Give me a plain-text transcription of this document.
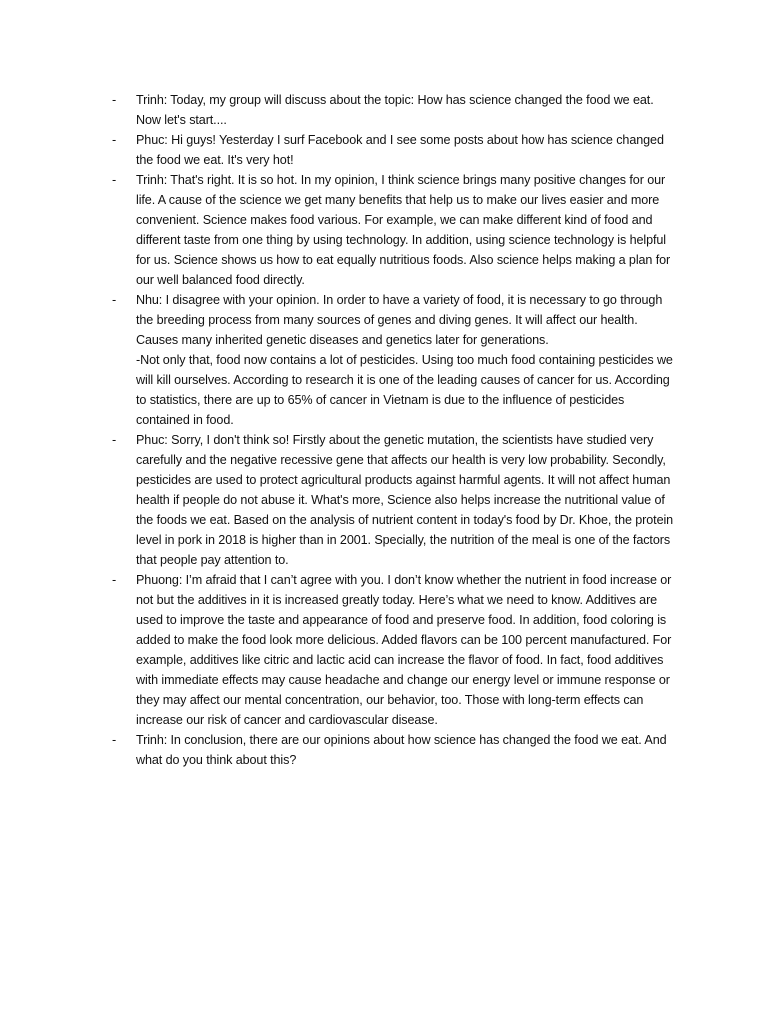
- Trinh: Today, my group will discuss about the topic: How has science changed the food we eat. Now let's start....
- Phuc: Hi guys! Yesterday I surf Facebook and I see some posts about how has science changed the food we eat. It's very hot!
- Trinh: That's right. It is so hot. In my opinion, I think science brings many positive changes for our life. A cause of the science we get many benefits that help us to make our lives easier and more convenient. Science makes food various. For example, we can make different kind of food and different taste from one thing by using technology. In addition, using science technology is helpful for us. Science shows us how to eat equally nutritious foods. Also science helps making a plan for our well balanced food directly.
- Nhu: I disagree with your opinion. In order to have a variety of food, it is necessary to go through the breeding process from many sources of genes and diving genes. It will affect our health. Causes many inherited genetic diseases and genetics later for generations.
-Not only that, food now contains a lot of pesticides. Using too much food containing pesticides we will kill ourselves. According to research it is one of the leading causes of cancer for us. According to statistics, there are up to 65% of cancer in Vietnam is due to the influence of pesticides contained in food.
- Phuc: Sorry, I don't think so! Firstly about the genetic mutation, the scientists have studied very carefully and the negative recessive gene that affects our health is very low probability. Secondly, pesticides are used to protect agricultural products against harmful agents. It will not affect human health if people do not abuse it. What's more, Science also helps increase the nutritional value of the foods we eat. Based on the analysis of nutrient content in today's food by Dr. Khoe, the protein level in pork in 2018 is higher than in 2001. Specially, the nutrition of the meal is one of the factors that people pay attention to.
- Phuong: I’m afraid that I can’t agree with you. I don’t know whether the nutrient in food increase or not but the additives in it is increased greatly today. Here’s what we need to know. Additives are used to improve the taste and appearance of food and preserve food. In addition, food coloring is added to make the food look more delicious. Added flavors can be 100 percent manufactured. For example, additives like citric and lactic acid can increase the flavor of food. In fact, food additives with immediate effects may cause headache and change our energy level or immune response or they may affect our mental concentration, our behavior, too. Those with long-term effects can increase our risk of cancer and cardiovascular disease.
- Trinh: In conclusion, there are our opinions about how science has changed the food we eat. And what do you think about this?
